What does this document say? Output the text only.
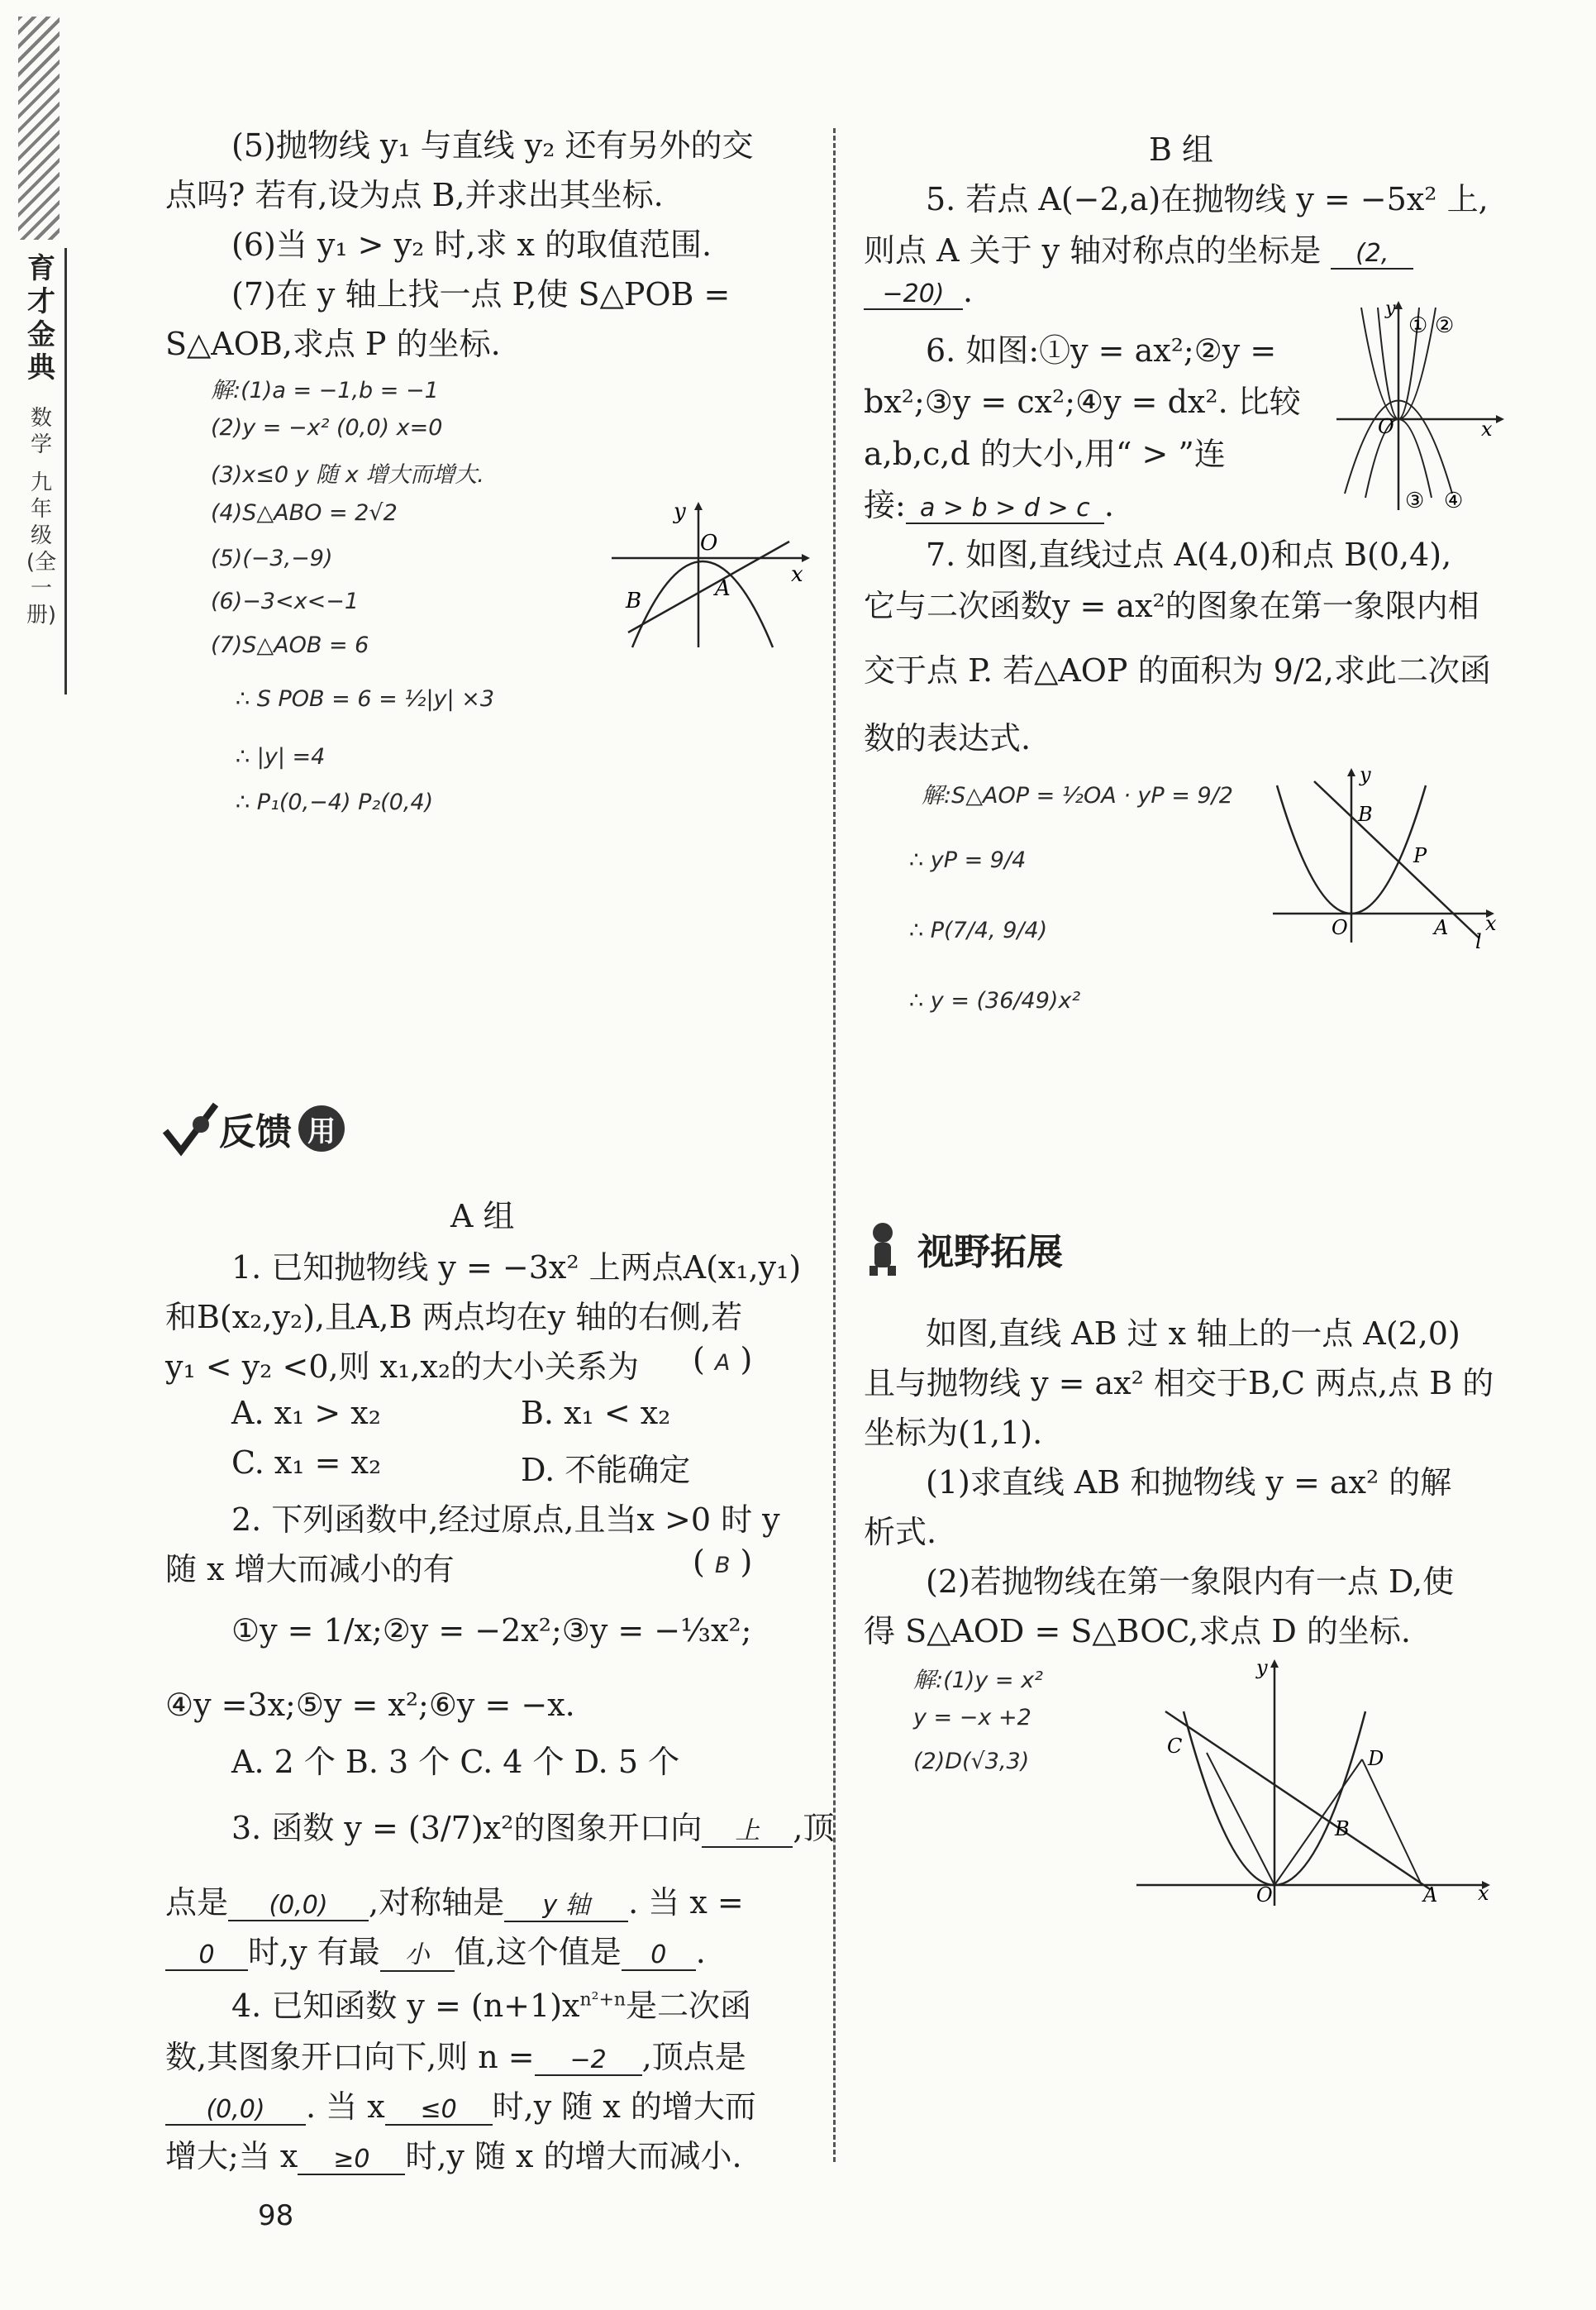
育
才
金
典
数
学
九
年
级
(全
一
册)
(5)抛物线 y₁ 与直线 y₂ 还有另外的交
点吗? 若有,设为点 B,并求出其坐标.
(6)当 y₁ > y₂ 时,求 x 的取值范围.
(7)在 y 轴上找一点 P,使 S△POB =
S△AOB,求点 P 的坐标.
解:(1)a = −1,b = −1
(2)y = −x² (0,0) x=0
(3)x≤0 y 随 x 增大而增大.
(4)S△ABO = 2√2
(5)(−3,−9)
(6)−3<x<−1
(7)S△AOB = 6
∴ S POB = 6 = ½|y| ×3
∴ |y| =4
∴ P₁(0,−4) P₂(0,4)
y
x
O
B	A
反馈 用
A 组
1. 已知抛物线 y = −3x² 上两点A(x₁,y₁)
和B(x₂,y₂),且A,B 两点均在y 轴的右侧,若
y₁ < y₂ <0,则 x₁,x₂的大小关系为 ( A )
A. x₁ > x₂	B. x₁ < x₂
C. x₁ = x₂	D. 不能确定
2. 下列函数中,经过原点,且当x >0 时 y
随 x 增大而减小的有	( B )
①y = 1/x;②y = −2x²;③y = −⅓x²;
④y =3x;⑤y = x²;⑥y = −x.
A. 2 个 B. 3 个 C. 4 个 D. 5 个
3. 函数 y = (3/7)x²的图象开口向 上 ,顶
点是 (0,0) ,对称轴是 y 轴 . 当 x =
0 时,y 有最 小 值,这个值是 0 .
4. 已知函数 $y = (n+1)x^{n^2+n}$是二次函
数,其图象开口向下,则 n = −2 ,顶点是
(0,0) . 当 x ≤0 时,y 随 x 的增大而
增大;当 x ≥0 时,y 随 x 的增大而减小.
98
B 组
5. 若点 A(−2,a)在抛物线 y = −5x² 上,
则点 A 关于 y 轴对称点的坐标是 (2,
−20) .
6. 如图:①y = ax²;②y =
bx²;③y = cx²;④y = dx². 比较
a,b,c,d 的大小,用“ > ”连
接: a > b > d > c .
y
x
O
① ②
③ ④
7. 如图,直线过点 A(4,0)和点 B(0,4),
它与二次函数y = ax²的图象在第一象限内相
交于点 P. 若△AOP 的面积为 9/2,求此二次函
数的表达式.
解:S△AOP = ½OA · yP = 9/2
∴ yP = 9/4
∴ P(7/4, 9/4)
∴ y = (36/49)x²
y
x
O
B
P
A
l
视野拓展
如图,直线 AB 过 x 轴上的一点 A(2,0)
且与抛物线 y = ax² 相交于B,C 两点,点 B 的
坐标为(1,1).
(1)求直线 AB 和抛物线 y = ax² 的解
析式.
(2)若抛物线在第一象限内有一点 D,使
得 S△AOD = S△BOC,求点 D 的坐标.
解:(1)y = x²
y = −x +2
(2)D(√3,3)
y
x
O
C
D
B
A
